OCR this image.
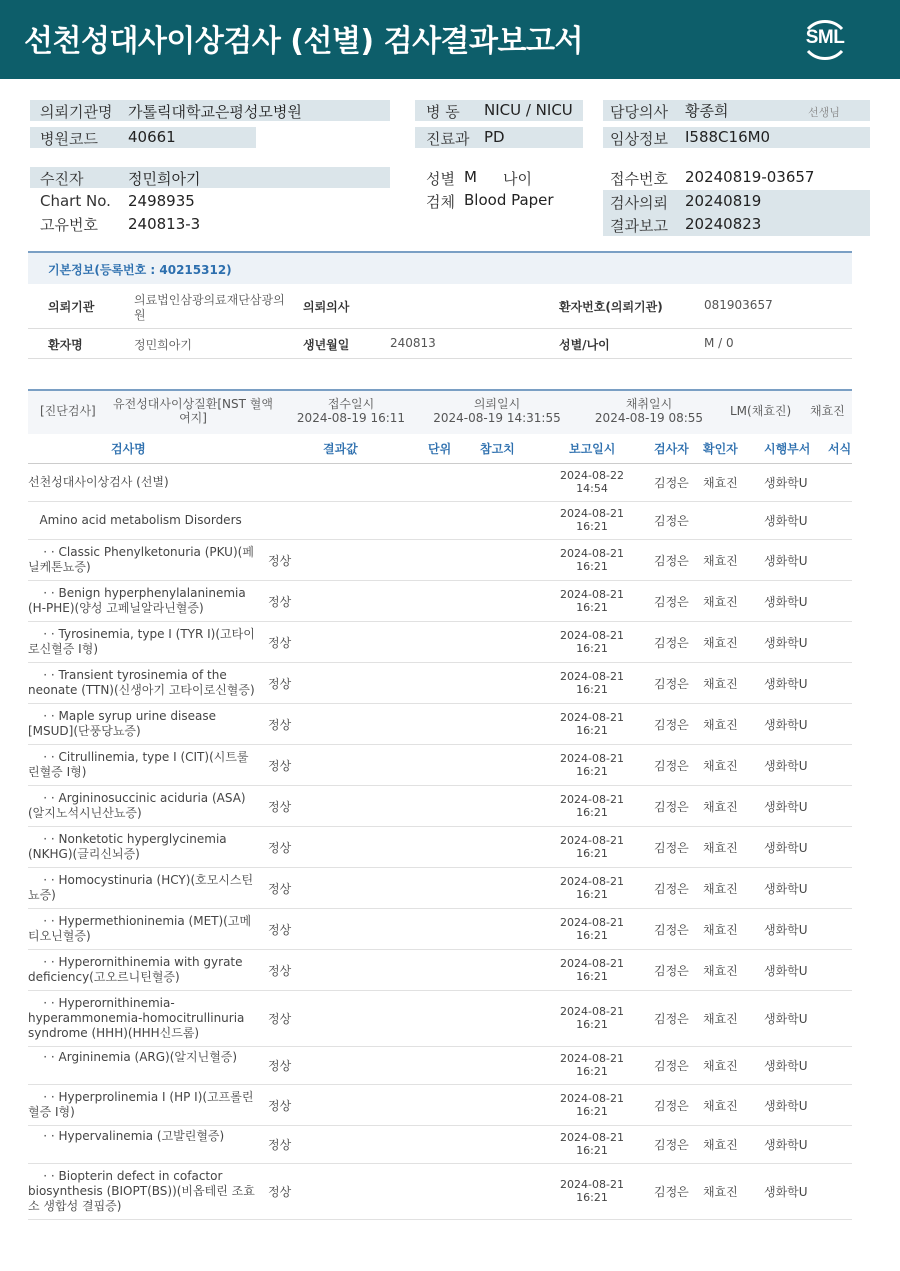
선천성대사이상검사 (선별) 검사결과보고서	SML
의뢰기관명 가톨릭대학교은평성모병원
병원코드 40661
병 동 NICU / NICU
진료과 PD
담당의사 황종희	선생님
임상정보 I588C16M0
수진자	정민희아기
Chart No. 2498935
고유번호 240813-3
성별 M 나이
검체 Blood Paper
접수번호 20240819-03657
검사의뢰 20240819
결과보고 20240823
기본정보(등록번호 : 40215312)
의뢰기관	의료법인삼광의료재단삼광의
원
의뢰의사	환자번호(의뢰기관)	081903657
환자명	정민희아기	생년월일	240813	성별/나이	M / 0
[진단검사]	유전성대사이상질환[NST 혈액
여지]
접수일시
2024-08-19 16:11
의뢰일시
2024-08-19 14:31:55
채취일시
2024-08-19 08:55	LM(채효진) 채효진
검사명	결과값	단위 참고치	보고일시	검사자 확인자 시행부서 서식
선천성대사이상검사 (선별)	2024-08-22
14:54	김정은 채효진 생화학U
Amino acid metabolism Disorders	2024-08-21
16:21	김정은	생화학U
· · Classic Phenylketonuria (PKU)(페닐케톤뇨증)	정상
2024-08-21
16:21	김정은 채효진 생화학U
· · Benign hyperphenylalaninemia (H-PHE)(양성 고페닐알라닌혈증)	정상
2024-08-21
16:21	김정은 채효진 생화학U
· · Tyrosinemia, type I (TYR I)(고타이로신혈증 I형)	정상
2024-08-21
16:21	김정은 채효진 생화학U
· · Transient tyrosinemia of the neonate (TTN)(신생아기 고타이로신혈증)	정상
2024-08-21
16:21	김정은 채효진 생화학U
· · Maple syrup urine disease [MSUD](단풍당뇨증)	정상
2024-08-21
16:21	김정은 채효진 생화학U
· · Citrullinemia, type I (CIT)(시트룰린혈증 I형)	정상
2024-08-21
16:21	김정은 채효진 생화학U
· · Argininosuccinic aciduria (ASA)(알지노석시닌산뇨증)	정상
2024-08-21
16:21	김정은 채효진 생화학U
· · Nonketotic hyperglycinemia (NKHG)(글리신뇌증)	정상
2024-08-21
16:21	김정은 채효진 생화학U
· · Homocystinuria (HCY)(호모시스틴뇨증)	정상
2024-08-21
16:21	김정은 채효진 생화학U
· · Hypermethioninemia (MET)(고메티오닌혈증)	정상
2024-08-21
16:21	김정은 채효진 생화학U
· · Hyperornithinemia with gyrate deficiency(고오르니틴혈증)	정상
2024-08-21
16:21	김정은 채효진 생화학U
· · Hyperornithinemia-hyperammonemia-homocitrullinuria syndrome (HHH)(HHH신드롬)
정상
2024-08-21
16:21	김정은 채효진 생화학U
· · Argininemia (ARG)(알지닌혈증)
정상
2024-08-21
16:21	김정은 채효진 생화학U
· · Hyperprolinemia I (HP I)(고프롤린혈증 I형)	정상
2024-08-21
16:21	김정은 채효진 생화학U
· · Hypervalinemia (고발린혈증)
정상
2024-08-21
16:21	김정은 채효진 생화학U
· · Biopterin defect in cofactor biosynthesis (BIOPT(BS))(비옵테린 조효소 생합성 결핍증)
정상
2024-08-21
16:21	김정은 채효진 생화학U
